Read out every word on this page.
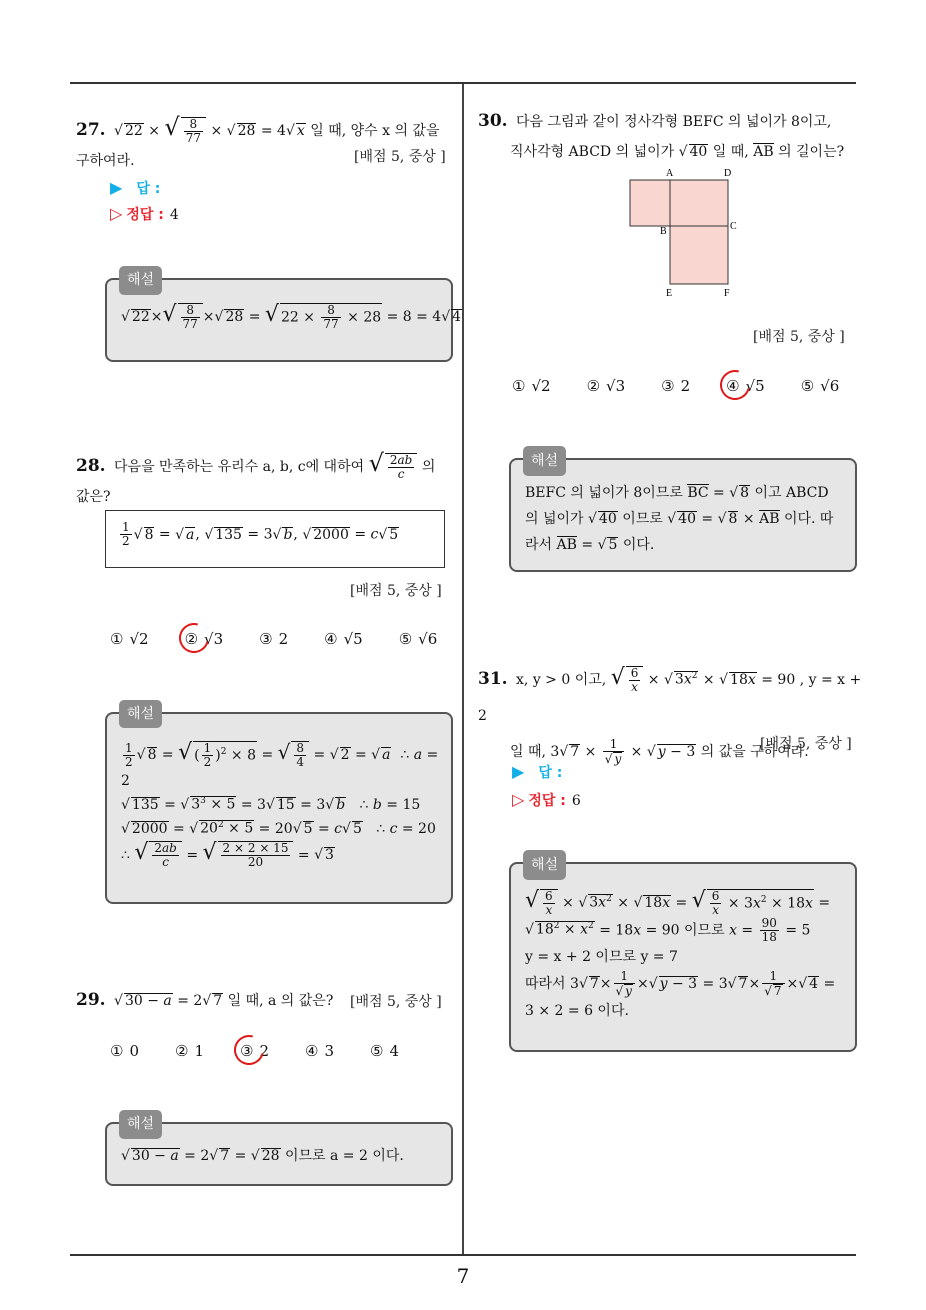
7
27. √ 22 × √ $\frac{8}{77}$ × √ 28 = 4√ x 일 때, 양수 x 의 값을
구하여라.	[배점 5, 중상 ]
▶ 답 :
▷ 정답 : 4
해설
√ $22\times√ \frac{8}{77}$ ×√ 28 = √ $22 \times \frac{8}{77} \times 28 = 8 = 4√$ 4
28. 다음을 만족하는 유리수 a, b, c에 대하여 √ $\frac{2ab}{c}$ 의
값은?
$\frac{1}{2}$ √ 8 = √ a, √ 135 = 3√ b, √ 2000 = c√ 5
[배점 5, 중상 ]
① √2 ② √3 ③ 2 ④ √5 ⑤ √6
해설
$\frac{1}{2}$ √ 8 = √ ( $\frac{1}{2} )^2 \times 8$ = √ $\frac{8}{4}$ = √ 2 = √ a  ∴ a =
2
√ 135 = √ $3^3 \times 5 = 3√$ 15 = 3√ b   ∴ b = 15
√ 2000 = √ $20^2 \times 5 = 20√$ 5 = c√ 5   ∴ c = 20
∴ √ $\frac{2ab}{c}$ = √ $\frac{2 \times 2 \times 15}{20}$ = √ 3
29. √ 30 − a = 2√ 7 일 때, a 의 값은?	[배점 5, 중상 ]
① 0 ② 1 ③ 2 ④ 3 ⑤ 4
해설
√ 30 − a = 2√ 7 = √ 28 이므로 a = 2 이다.
30. 다음 그림과 같이 정사각형 BEFC 의 넓이가 8이고,
직사각형 ABCD 의 넓이가 √ 40 일 때, AB 의 길이는?
A	D
B	C
E	F
[배점 5, 중상 ]
① √2 ② √3 ③ 2 ④ √5 ⑤ √6
해설
BEFC 의 넓이가 8이므로 BC = √ 8 이고 ABCD
의 넓이가 √ 40 이므로 √ 40 = √ 8 × AB 이다. 따
라서 AB = √ 5 이다.
31. x, y > 0 이고, √ $\frac{6}{x}$ × √ $3x^2$ × √ 18x = 90 , y = x + 2
일 때, 3√ $7 \times \frac{1}{√ y}$ × √ y − 3 의 값을 구하여라.
[배점 5, 중상 ]
▶ 답 :
▷ 정답 : 6
해설
√ $\frac{6}{x}$ × √ $3x^2$ × √ 18x = √ $\frac{6}{x} \times 3x^2 \times 18x$ =
√ $18^2 \times x^2 = 18x = 90$ 이므로 $x = \frac{90}{18} = 5$
y = x + 2 이므로 y = 7
따라서 3√ $7\times \frac{1}{√ y}$ ×√ y − 3 = 3√ $7\times \frac{1}{√ 7}$ ×√ 4 =
3 × 2 = 6 이다.
